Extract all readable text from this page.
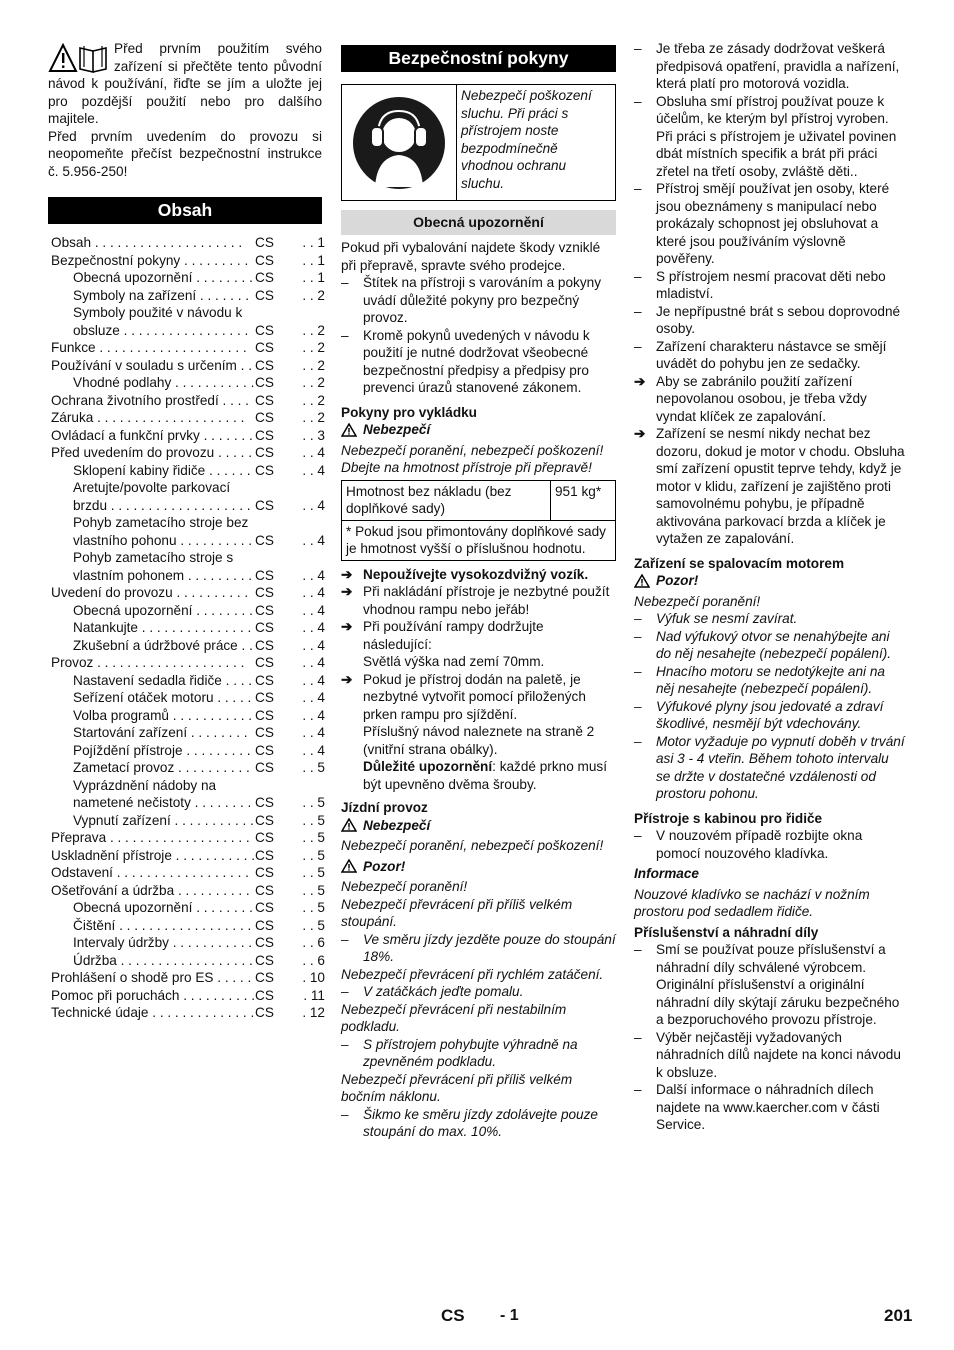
Před prvním použitím svého zařízení si přečtěte tento původní návod k používání, řiďte se jím a uložte jej pro pozdější použití nebo pro dalšího majitele.

Před prvním uvedením do provozu si neopomeňte přečíst bezpečnostní instrukce č. 5.956-250!

Obsah
Obsah . . . . . . . . . . . . . . . . . . . . CS	. . 1
Bezpečnostní pokyny . . . . . . . . . CS	. . 1
Obecná upozornění . . . . . . . . CS	. . 1
Symboly na zařízení . . . . . . . CS	. . 2
Symboly použité v návodu k obsluze . . . . . . . . . . . . . . . . . CS	. . 2
Funkce . . . . . . . . . . . . . . . . . . . . CS	. . 2
Používání v souladu s určením . . CS	. . 2
Vhodné podlahy . . . . . . . . . . . CS	. . 2
Ochrana životního prostředí . . . . CS	. . 2
Záruka . . . . . . . . . . . . . . . . . . . . CS	. . 2
Ovládací a funkční prvky . . . . . . . CS	. . 3
Před uvedením do provozu . . . . . CS	. . 4
Sklopení kabiny řidiče . . . . . . CS	. . 4
Aretujte/povolte parkovací brzdu . . . . . . . . . . . . . . . . . . . CS	. . 4
Pohyb zametacího stroje bez vlastního pohonu . . . . . . . . . . CS	. . 4
Pohyb zametacího stroje s vlastním pohonem . . . . . . . . . CS	. . 4
Uvedení do provozu . . . . . . . . . . CS	. . 4
Obecná upozornění . . . . . . . . CS	. . 4
Natankujte . . . . . . . . . . . . . . . CS	. . 4
Zkušební a údržbové práce . . CS	. . 4
Provoz . . . . . . . . . . . . . . . . . . . . CS	. . 4
Nastavení sedadla řidiče . . . . CS	. . 4
Seřízení otáček motoru . . . . . CS	. . 4
Volba programů . . . . . . . . . . . CS	. . 4
Startování zařízení . . . . . . . . CS	. . 4
Pojíždění přístroje . . . . . . . . . CS	. . 4
Zametací provoz . . . . . . . . . . CS	. . 5
Vyprázdnění nádoby na nametené nečistoty . . . . . . . . CS	. . 5
Vypnutí zařízení . . . . . . . . . . . CS	. . 5
Přeprava . . . . . . . . . . . . . . . . . . . CS	. . 5
Uskladnění přístroje . . . . . . . . . . . CS	. . 5
Odstavení . . . . . . . . . . . . . . . . . . CS	. . 5
Ošetřování a údržba . . . . . . . . . . CS	. . 5
Obecná upozornění . . . . . . . . CS	. . 5
Čištění . . . . . . . . . . . . . . . . . . CS	. . 5
Intervaly údržby . . . . . . . . . . . CS	. . 6
Údržba . . . . . . . . . . . . . . . . . . CS	. . 6
Prohlášení o shodě pro ES . . . . . CS	. 10
Pomoc při poruchách . . . . . . . . . . CS	. 11
Technické údaje . . . . . . . . . . . . . . CS	. 12
Bezpečnostní pokyny
Nebezpečí poškození sluchu. Při práci s přístrojem noste bezpodmínečně vhodnou ochranu sluchu.
Obecná upozornění

Pokud při vybalování najdete škody vzniklé při přepravě, spravte svého prodejce.

– Štítek na přístroji s varováním a pokyny uvádí důležité pokyny pro bezpečný provoz.
– Kromě pokynů uvedených v návodu k použití je nutné dodržovat všeobecné bezpečnostní předpisy a předpisy pro prevenci úrazů stanovené zákonem.
Pokyny pro vykládku
Nebezpečí

Nebezpečí poranění, nebezpečí poškození!

Dbejte na hmotnost přístroje při přepravě!

Hmotnost bez nákladu (bez doplňkové sady)	951 kg*
* Pokud jsou přimontovány doplňkové sady je hmotnost vyšší o příslušnou hodnotu.
➔ Nepoužívejte vysokozdvižný vozík.
➔ Při nakládání přístroje je nezbytné použít vhodnou rampu nebo jeřáb!
➔ Při používání rampy dodržujte následující:
Světlá výška nad zemí 70mm.
➔ Pokud je přístroj dodán na paletě, je nezbytné vytvořit pomocí přiložených prken rampu pro sjíždění.
Příslušný návod naleznete na straně 2 (vnitřní strana obálky).
Důležité upozornění: každé prkno musí být upevněno dvěma šrouby.
Jízdní provoz
Nebezpečí

Nebezpečí poranění, nebezpečí poškození!

Pozor!

Nebezpečí poranění!

Nebezpečí převrácení při příliš velkém stoupání.

– Ve směru jízdy jezděte pouze do stoupání 18%.

Nebezpečí převrácení při rychlém zatáčení.

– V zatáčkách jeďte pomalu.

Nebezpečí převrácení při nestabilním podkladu.

– S přístrojem pohybujte výhradně na zpevněném podkladu.

Nebezpečí převrácení při příliš velkém bočním náklonu.

– Šikmo ke směru jízdy zdolávejte pouze stoupání do max. 10%.
– Je třeba ze zásady dodržovat veškerá předpisová opatření, pravidla a nařízení, která platí pro motorová vozidla.
– Obsluha smí přístroj používat pouze k účelům, ke kterým byl přístroj vyroben. Při práci s přístrojem je uživatel povinen dbát místních specifik a brát při práci zřetel na třetí osoby, zvláště děti..
– Přístroj smějí používat jen osoby, které jsou obeznámeny s manipulací nebo prokázaly schopnost jej obsluhovat a které jsou používáním výslovně pověřeny.
– S přístrojem nesmí pracovat děti nebo mladiství.
– Je nepřípustné brát s sebou doprovodné osoby.
– Zařízení charakteru nástavce se smějí uvádět do pohybu jen ze sedačky.
➔ Aby se zabránilo použití zařízení nepovolanou osobou, je třeba vždy vyndat klíček ze zapalování.
➔ Zařízení se nesmí nikdy nechat bez dozoru, dokud je motor v chodu. Obsluha smí zařízení opustit teprve tehdy, když je motor v klidu, zařízení je zajištěno proti samovolnému pohybu, je případně aktivována parkovací brzda a klíček je vytažen ze zapalování.
Zařízení se spalovacím motorem
Pozor!

Nebezpečí poranění!

– Výfuk se nesmí zavírat.
– Nad výfukový otvor se nenahýbejte ani do něj nesahejte (nebezpečí popálení).
– Hnacího motoru se nedotýkejte ani na něj nesahejte (nebezpečí popálení).
– Výfukové plyny jsou jedovaté a zdraví škodlivé, nesmějí být vdechovány.
– Motor vyžaduje po vypnutí doběh v trvání asi 3 - 4 vteřin. Během tohoto intervalu se držte v dostatečné vzdálenosti od prostoru pohonu.
Přístroje s kabinou pro řidiče
– V nouzovém případě rozbijte okna pomocí nouzového kladívka.
Informace

Nouzové kladívko se nachází v nožním prostoru pod sedadlem řidiče.

Příslušenství a náhradní díly
– Smí se používat pouze příslušenství a náhradní díly schválené výrobcem. Originální příslušenství a originální náhradní díly skýtají záruku bezpečného a bezporuchového provozu přístroje.
– Výběr nejčastěji vyžadovaných náhradních dílů najdete na konci návodu k obsluze.
– Další informace o náhradních dílech najdete na www.kaercher.com v části Service.
CS - 1	201
